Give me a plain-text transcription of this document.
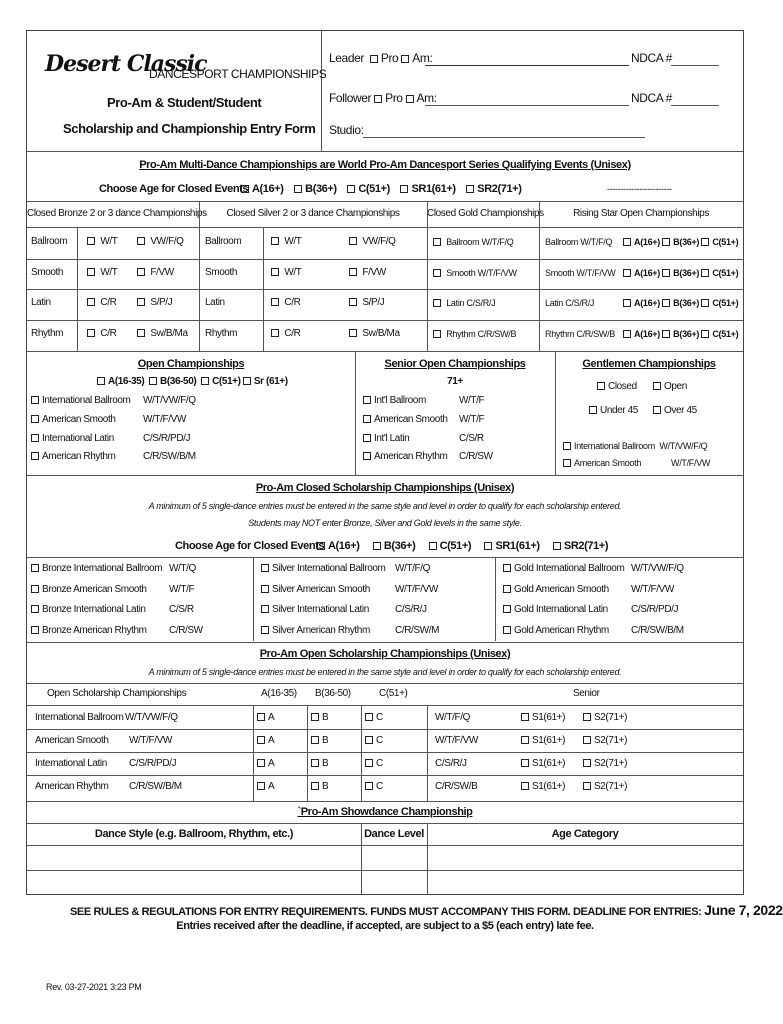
Desert Classic
DANCESPORT CHAMPIONSHIPS
Pro-Am & Student/Student
Scholarship and Championship Entry Form
Leader Pro Am:	NDCA #
Follower Pro Am:	NDCA #
Studio:
Pro-Am Multi-Dance Championships are World Pro-Am Dancesport Series Qualifying Events (Unisex)
Choose Age for Closed Events A(16+) B(36+) C(51+) SR1(61+) SR2(71+)	------------------------
Closed Bronze 2 or 3 dance Championships	Closed Silver 2 or 3 dance Championships	Closed Gold Championships	Rising Star Open Championships
Ballroom	W/T	VW/F/Q Ballroom	W/T	VW/F/Q	Ballroom W/T/F/Q	Ballroom W/T/F/Q	A(16+) B(36+) C(51+)
Smooth	W/T	F/VW	Smooth	W/T	F/VW	Smooth W/T/F/VW	Smooth W/T/F/VW	A(16+) B(36+) C(51+)
Latin	C/R	S/P/J	Latin	C/R	S/P/J	Latin C/S/R/J	Latin C/S/R/J	A(16+) B(36+) C(51+)
Rhythm	C/R	Sw/B/Ma Rhythm	C/R	Sw/B/Ma	Rhythm C/R/SW/B	Rhythm C/R/SW/B	A(16+) B(36+) C(51+)
Open Championships
A(16-35) B(36-50) C(51+) Sr (61+)
International Ballroom W/T/VW/F/Q
American Smooth	W/T/F/VW
International Latin	C/S/R/PD/J
American Rhythm	C/R/SW/B/M
Senior Open Championships
71+
Int'l Ballroom	W/T/F
American Smooth W/T/F
Int'l Latin	C/S/R
American Rhythm C/R/SW
Gentlemen Championships
Closed	Open
Under 45	Over 45
International Ballroom W/T/VW/F/Q
American Smooth	W/T/F/VW
Pro-Am Closed Scholarship Championships (Unisex)
A minimum of 5 single-dance entries must be entered in the same style and level in order to qualify for each scholarship entered.
Students may NOT enter Bronze, Silver and Gold levels in the same style.
Choose Age for Closed Events A(16+) B(36+) C(51+) SR1(61+) SR2(71+)
Bronze International Ballroom W/T/Q
Bronze American Smooth W/T/F
Bronze International Latin C/S/R
Bronze American Rhythm C/R/SW
Silver International Ballroom W/T/F/Q
Silver American Smooth	W/T/F/VW
Silver International Latin	C/S/R/J
Silver American Rhythm	C/R/SW/M
Gold International Ballroom W/T/VW/F/Q
Gold American Smooth W/T/F/VW
Gold International Latin C/S/R/PD/J
Gold American Rhythm C/R/SW/B/M
Pro-Am Open Scholarship Championships (Unisex)
A minimum of 5 single-dance entries must be entered in the same style and level in order to qualify for each scholarship entered.
Open Scholarship Championships	A(16-35) B(36-50)	C(51+)	Senior
International Ballroom W/T/VW/F/Q	A	B	C	W/T/F/Q	S1(61+)	S2(71+)
American Smooth W/T/F/VW	A	B	C	W/T/F/VW	S1(61+)	S2(71+)
International Latin C/S/R/PD/J	A	B	C	C/S/R/J	S1(61+)	S2(71+)
American Rhythm C/R/SW/B/M	A	B	C	C/R/SW/B	S1(61+)	S2(71+)
`Pro-Am Showdance Championship
Dance Style (e.g. Ballroom, Rhythm, etc.)	Dance Level	Age Category
SEE RULES & REGULATIONS FOR ENTRY REQUIREMENTS. FUNDS MUST ACCOMPANY THIS FORM. DEADLINE FOR ENTRIES: June 7, 2022
Entries received after the deadline, if accepted, are subject to a $5 (each entry) late fee.
Rev. 03-27-2021 3:23 PM
